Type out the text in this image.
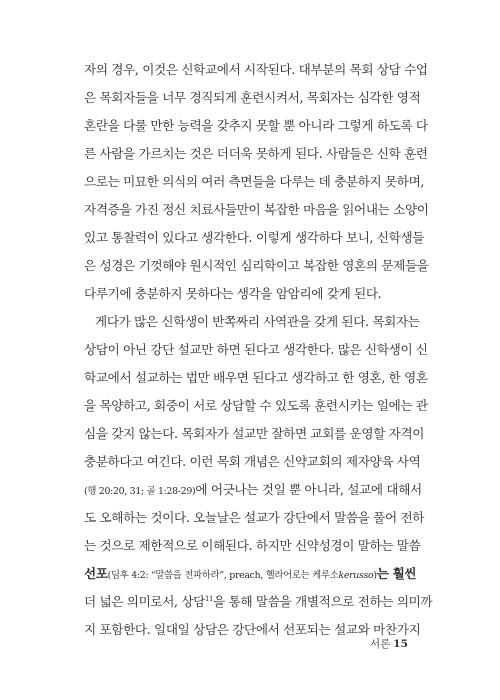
자의 경우, 이것은 신학교에서 시작된다. 대부분의 목회 상담 수업
은 목회자들을 너무 경직되게 훈련시켜서, 목회자는 심각한 영적
혼란을 다룰 만한 능력을 갖추지 못할 뿐 아니라 그렇게 하도록 다
른 사람을 가르치는 것은 더더욱 못하게 된다. 사람들은 신학 훈련
으로는 미묘한 의식의 여러 측면들을 다루는 데 충분하지 못하며,
자격증을 가진 정신 치료사들만이 복잡한 마음을 읽어내는 소양이
있고 통찰력이 있다고 생각한다. 이렇게 생각하다 보니, 신학생들
은 성경은 기껏해야 원시적인 심리학이고 복잡한 영혼의 문제들을
다루기에 충분하지 못하다는 생각을 암암리에 갖게 된다.
게다가 많은 신학생이 반쪽짜리 사역관을 갖게 된다. 목회자는
상담이 아닌 강단 설교만 하면 된다고 생각한다. 많은 신학생이 신
학교에서 설교하는 법만 배우면 된다고 생각하고 한 영혼, 한 영혼
을 목양하고, 회중이 서로 상담할 수 있도록 훈련시키는 일에는 관
심을 갖지 않는다. 목회자가 설교만 잘하면 교회를 운영할 자격이
충분하다고 여긴다. 이런 목회 개념은 신약교회의 제자양육 사역
(행 20:20, 31; 골 1:28-29)에 어긋나는 것일 뿐 아니라, 설교에 대해서
도 오해하는 것이다. 오늘날은 설교가 강단에서 말씀을 풀어 전하
는 것으로 제한적으로 이해된다. 하지만 신약성경이 말하는 말씀
선포(딤후 4:2: “말씀을 전파하라”, preach, 헬라어로는 케루소kerusso)는 훨씬
더 넓은 의미로서, 상담$^{11}$을 통해 말씀을 개별적으로 전하는 의미까
지 포함한다. 일대일 상담은 강단에서 선포되는 설교와 마찬가지
서론 15
